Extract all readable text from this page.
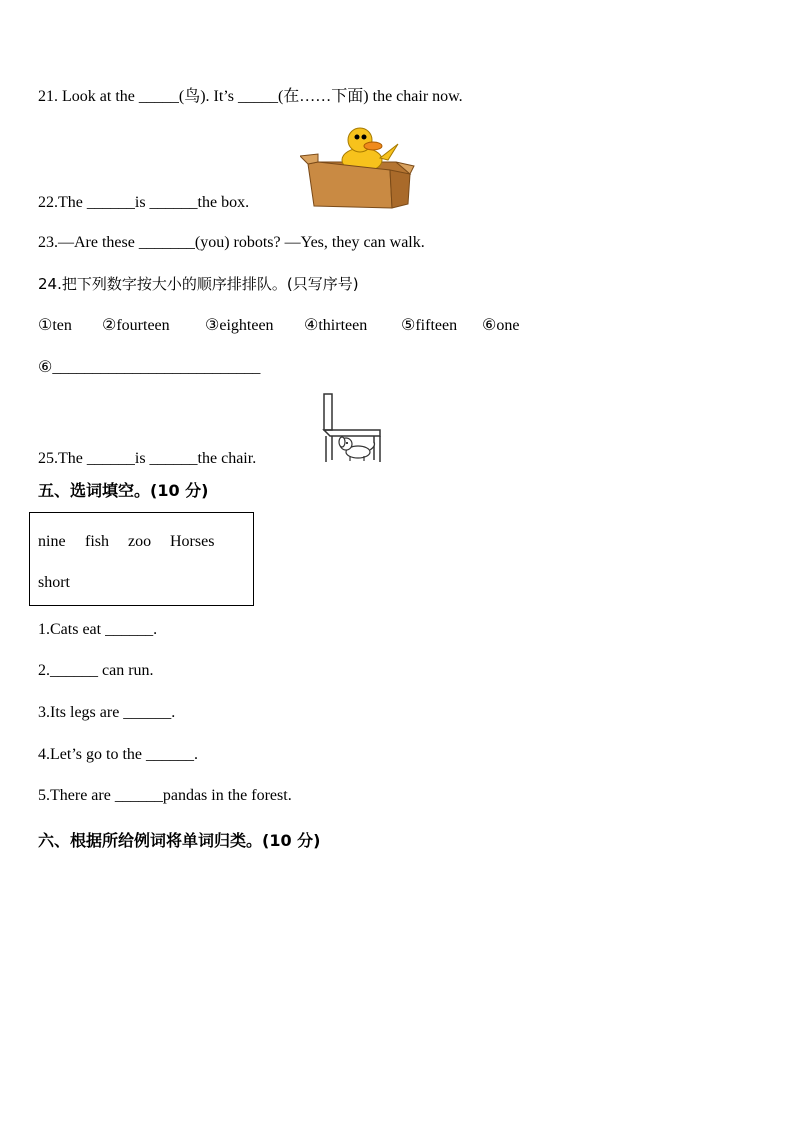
21. Look at the _____(鸟). It’s _____(在……下面) the chair now.
22.The ______is ______the box.
23.—Are these _______(you) robots? —Yes, they can walk.
24.把下列数字按大小的顺序排排队。(只写序号)
①ten ②fourteen ③eighteen ④thirteen ⑤fifteen ⑥one
⑥__________________________
25.The ______is ______the chair.
五、选词填空。(10 分)
nine fish zoo Horses
short
1.Cats eat ______.
2.______ can run.
3.Its legs are ______.
4.Let’s go to the ______.
5.There are ______pandas in the forest.
六、根据所给例词将单词归类。(10 分)
